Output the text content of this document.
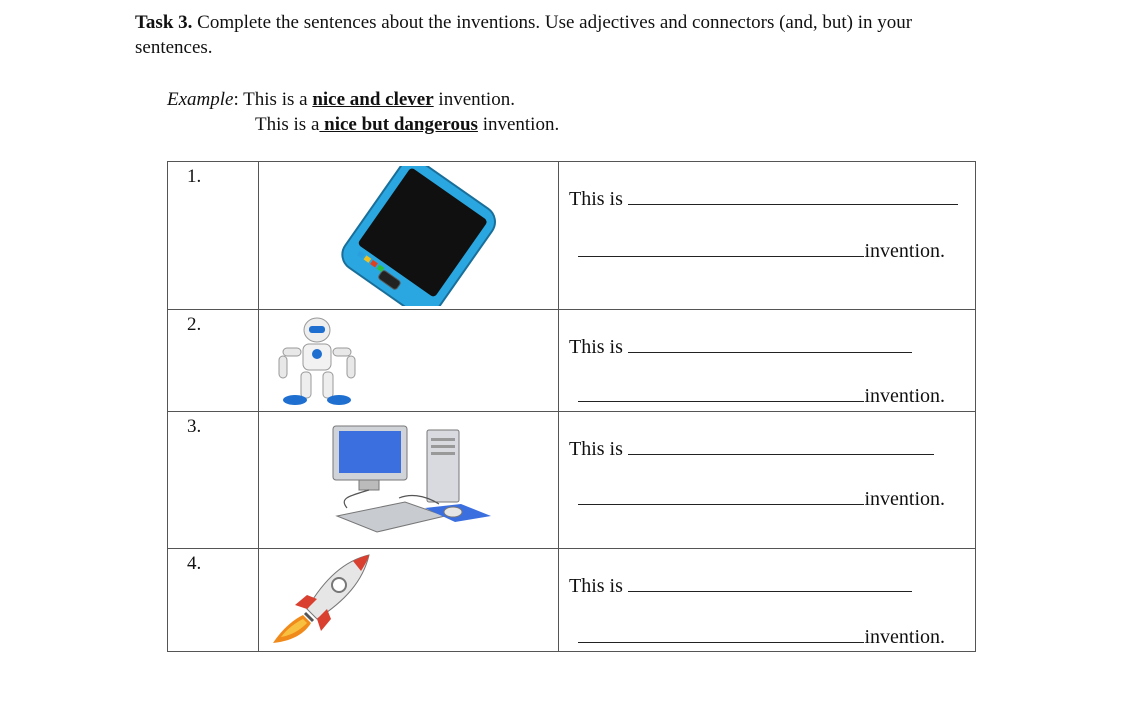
Task 3. Complete the sentences about the inventions. Use adjectives and connectors (and, but) in your sentences.
Example: This is a nice and clever invention.
This is a nice but dangerous invention.
1.		This is
invention.

2.		This is
invention.

3.		This is
invention.

4.		This is
invention.
